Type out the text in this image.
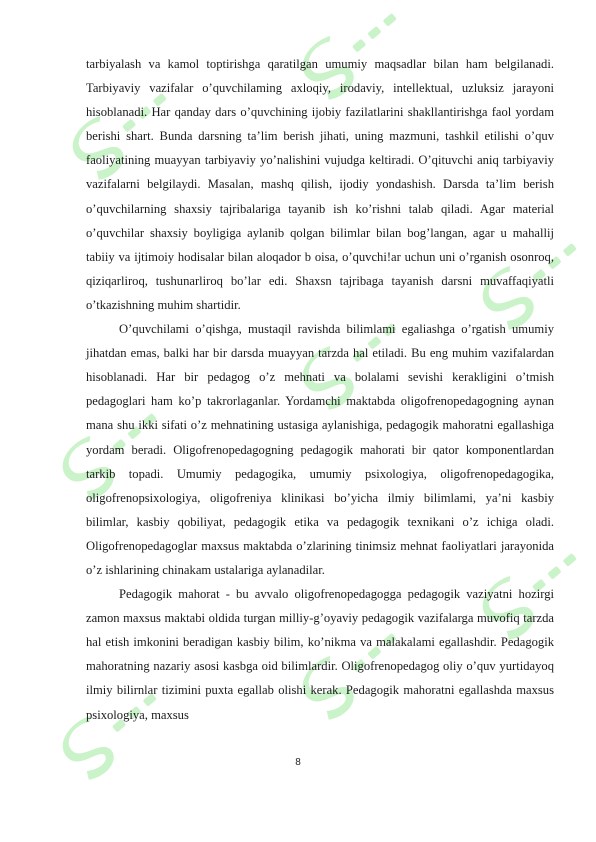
tarbiyalash va kamol toptirishga qaratilgan umumiy maqsadlar bilan ham belgilanadi. Tarbiyaviy vazifalar o’quvchilaming axloqiy, irodaviy, intellektual, uzluksiz jarayoni hisoblanadi. Har qanday dars o’quvchining ijobiy fazilatlarini shakllantirishga faol yordam berishi shart. Bunda darsning ta’lim berish jihati, uning mazmuni, tashkil etilishi o’quv faoliyatining muayyan tarbiyaviy yo’nalishini vujudga keltiradi. O’qituvchi aniq tarbiyaviy vazifalarni belgilaydi. Masalan, mashq qilish, ijodiy yondashish. Darsda ta’lim berish o’quvchilarning shaxsiy tajribalariga tayanib ish ko’rishni talab qiladi. Agar material o’quvchilar shaxsiy boyligiga aylanib qolgan bilimlar bilan bog’langan, agar u mahallij tabiiy va ijtimoiy hodisalar bilan aloqador b oisa, o’quvchi!ar uchun uni o’rganish osonroq, qiziqarliroq, tushunarliroq bo’lar edi. Shaxsn tajribaga tayanish darsni muvaffaqiyatli o’tkazishning muhim shartidir.

O’quvchilami o’qishga, mustaqil ravishda bilimlami egaliashga o’rgatish umumiy jihatdan emas, balki har bir darsda muayyan tarzda hal etiladi. Bu eng muhim vazifalardan hisoblanadi. Har bir pedagog o’z mehnati va bolalami sevishi kerakligini o’tmish pedagoglari ham ko’p takrorlaganlar. Yordamchi maktabda oligofrenopedagogning aynan mana shu ikki sifati o’z mehnatining ustasiga aylanishiga, pedagogik mahoratni egallashiga yordam beradi. Oligofrenopedagogning pedagogik mahorati bir qator komponentlardan tarkib topadi. Umumiy pedagogika, umumiy psixologiya, oligofrenopedagogika, oligofrenopsixologiya, oligofreniya klinikasi bo’yicha ilmiy bilimlami, ya’ni kasbiy bilimlar, kasbiy qobiliyat, pedagogik etika va pedagogik texnikani o’z ichiga oladi. Oligofrenopedagoglar maxsus maktabda o’zlarining tinimsiz mehnat faoliyatlari jarayonida o’z ishlarining chinakam ustalariga aylanadilar.

Pedagogik mahorat - bu avvalo oligofrenopedagogga pedagogik vaziyatni hozirgi zamon maxsus maktabi oldida turgan milliy-g’oyaviy pedagogik vazifalarga muvofiq tarzda hal etish imkonini beradigan kasbiy bilim, ko’nikma va malakalami egallashdir. Pedagogik mahoratning nazariy asosi kasbga oid bilimlardir. Oligofrenopedagog oliy o’quv yurtidayoq ilmiy bilirnlar tizimini puxta egallab olishi kerak. Pedagogik mahoratni egallashda maxsus psixologiya, maxsus

8
